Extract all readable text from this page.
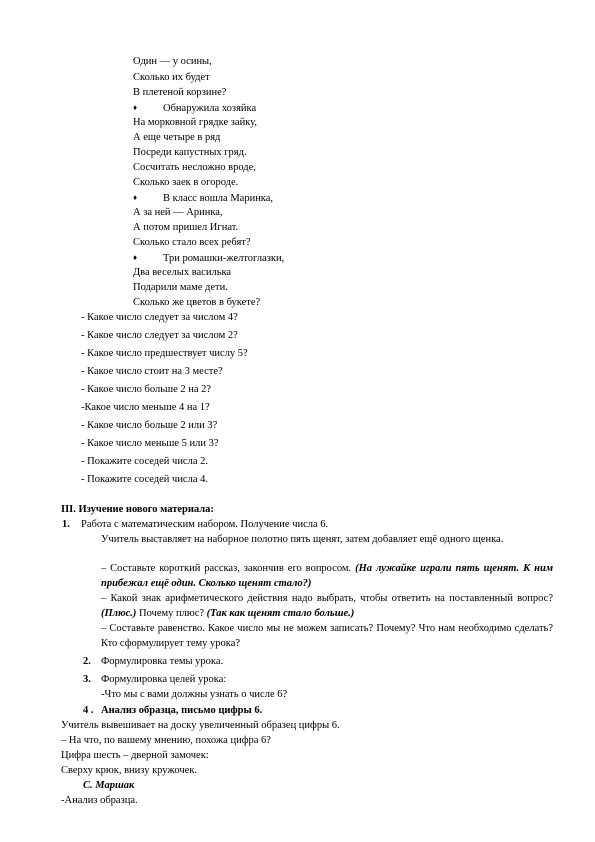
Один — у осины,
Сколько их будет
В плетеной корзине?
♦ Обнаружила хозяйка
На морковной грядке зайку,
А еще четыре в ряд
Посреди капустных гряд.
Сосчитать несложно вроде,
Сколько заек в огороде.
♦ В класс вошла Маринка,
А за ней — Аринка,
А потом пришел Игнат.
Сколько стало всех ребят?
♦ Три ромашки-желтоглазки,
Два веселых василька
Подарили маме дети.
Сколько же цветов в букете?
- Какое число следует за числом 4?
- Какое число следует за числом 2?
- Какое число предшествует числу 5?
- Какое число стоит на 3 месте?
- Какое число больше 2 на 2?
-Какое число меньше 4 на 1?
- Какое число больше 2 или 3?
- Какое число меньше 5 или 3?
- Покажите соседей числа 2.
- Покажите соседей числа 4.
III. Изучение нового материала:
1. Работа с математическим набором. Получение числа 6.
Учитель выставляет на наборное полотно пять щенят, затем добавляет ещё одного щенка.
– Составьте короткий рассказ, закончив его вопросом. (На лужайке играли пять щенят. К ним прибежал ещё один. Сколько щенят стало?)
– Какой знак арифметического действия надо выбрать, чтобы ответить на поставленный вопрос? (Плюс.) Почему плюс? (Так как щенят стало больше.)
– Составьте равенство. Какое число мы не можем записать? Почему? Что нам необходимо сделать? Кто сформулирует тему урока?
2. Формулировка темы урока.
3. Формулировка целей урока:
-Что мы с вами должны узнать о числе 6?
4 . Анализ образца, письмо цифры 6.
Учитель вывешивает на доску увеличенный образец цифры 6.
– На что, по вашему мнению, похожа цифра 6?
Цифра шесть – дверной замочек:
Сверху крюк, внизу кружочек.
С. Маршак
-Анализ образца.
